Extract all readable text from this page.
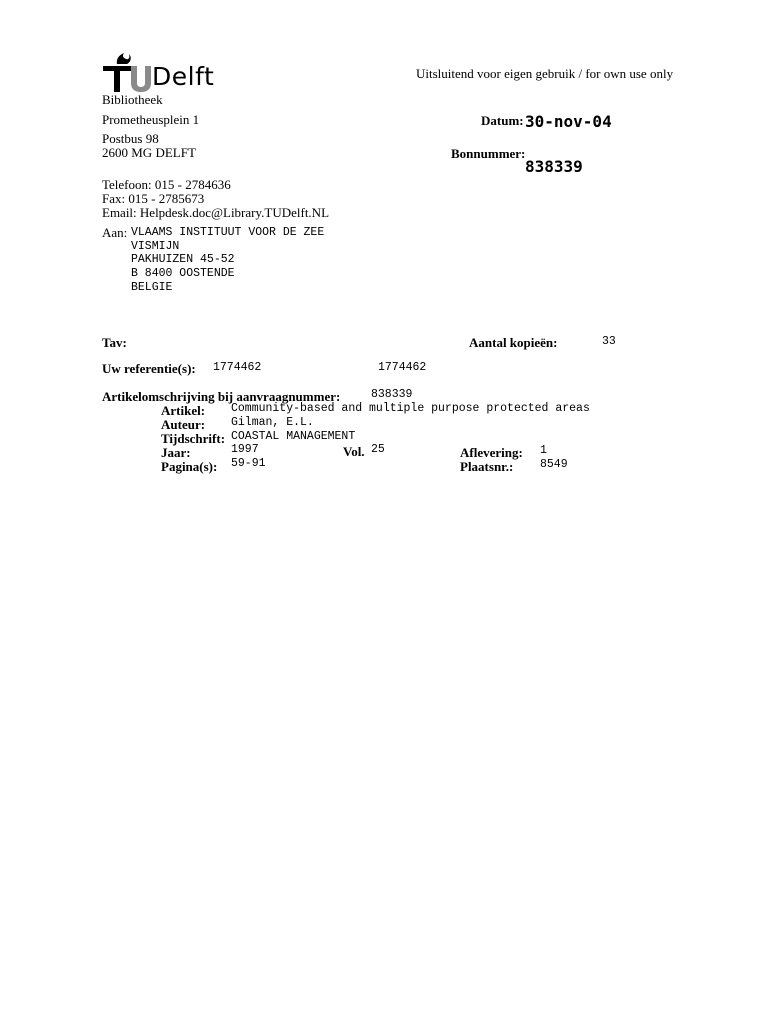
Delft	Uitsluitend voor eigen gebruik / for own use only
Bibliotheek
Prometheusplein 1
Postbus 98
2600 MG DELFT
Telefoon: 015 - 2784636
Fax: 015 - 2785673
Email: Helpdesk.doc@Library.TUDelft.NL
Datum: 30-nov-04
Bonnummer:
838339
Aan: VLAAMS INSTITUUT VOOR DE ZEE
VISMIJN
PAKHUIZEN 45-52
B 8400 OOSTENDE
BELGIE
Tav:	Aantal kopieën:	33
Uw referentie(s): 1774462	1774462
Artikelomschrijving bij aanvraagnummer:	838339
Artikel: Community-based and multiple purpose protected areas
Auteur: Gilman, E.L.
Tijdschrift: COASTAL MANAGEMENT
Jaar:	1997	Vol. 25	Aflevering: 1
Pagina(s): 59-91	Plaatsnr.: 8549
